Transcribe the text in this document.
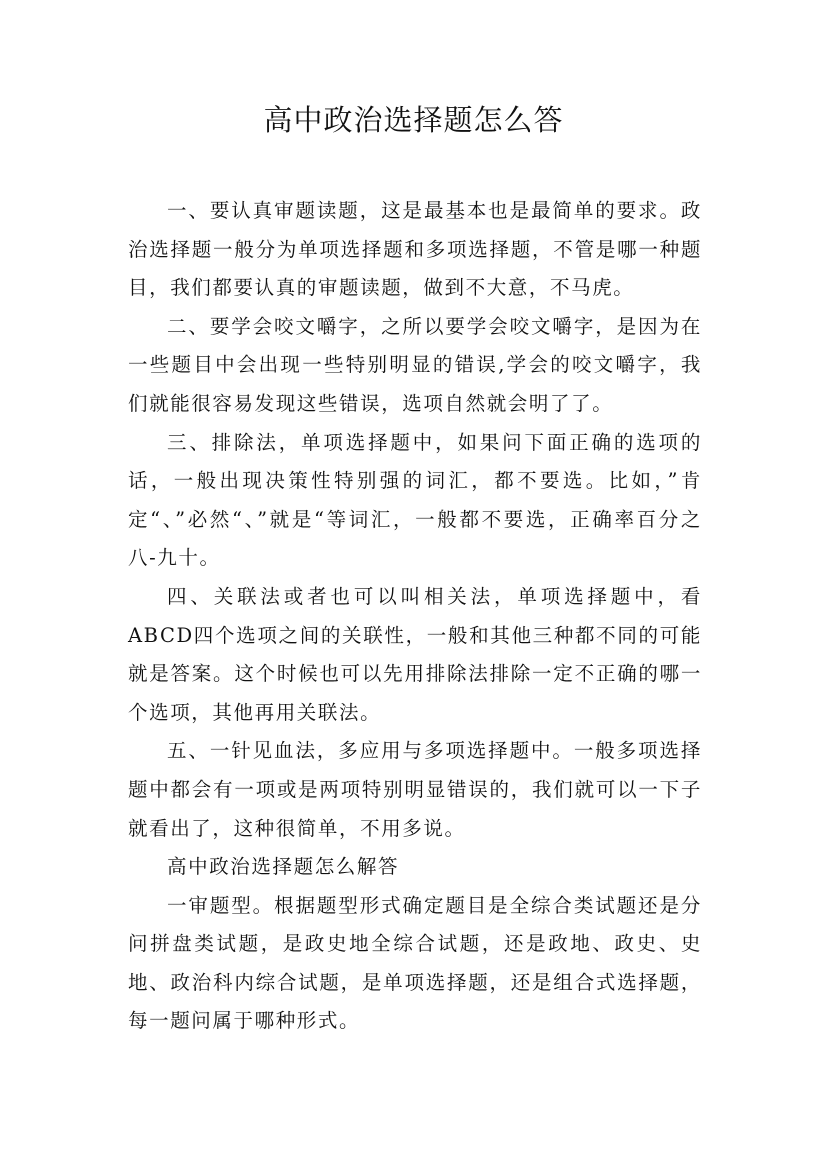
高中政治选择题怎么答

一、要认真审题读题，这是最基本也是最简单的要求。政治选择题一般分为单项选择题和多项选择题，不管是哪一种题目，我们都要认真的审题读题，做到不大意，不马虎。

二、要学会咬文嚼字，之所以要学会咬文嚼字，是因为在一些题目中会出现一些特别明显的错误,学会的咬文嚼字，我们就能很容易发现这些错误，选项自然就会明了了。

三、排除法，单项选择题中，如果问下面正确的选项的话，一般出现决策性特别强的词汇，都不要选。比如，”肯定“、”必然“、”就是“等词汇，一般都不要选，正确率百分之八-九十。

四、关联法或者也可以叫相关法，单项选择题中，看ABCD四个选项之间的关联性，一般和其他三种都不同的可能就是答案。这个时候也可以先用排除法排除一定不正确的哪一个选项，其他再用关联法。

五、一针见血法，多应用与多项选择题中。一般多项选择题中都会有一项或是两项特别明显错误的，我们就可以一下子就看出了，这种很简单，不用多说。

高中政治选择题怎么解答

一审题型。根据题型形式确定题目是全综合类试题还是分问拼盘类试题，是政史地全综合试题，还是政地、政史、史地、政治科内综合试题，是单项选择题，还是组合式选择题，每一题问属于哪种形式。
